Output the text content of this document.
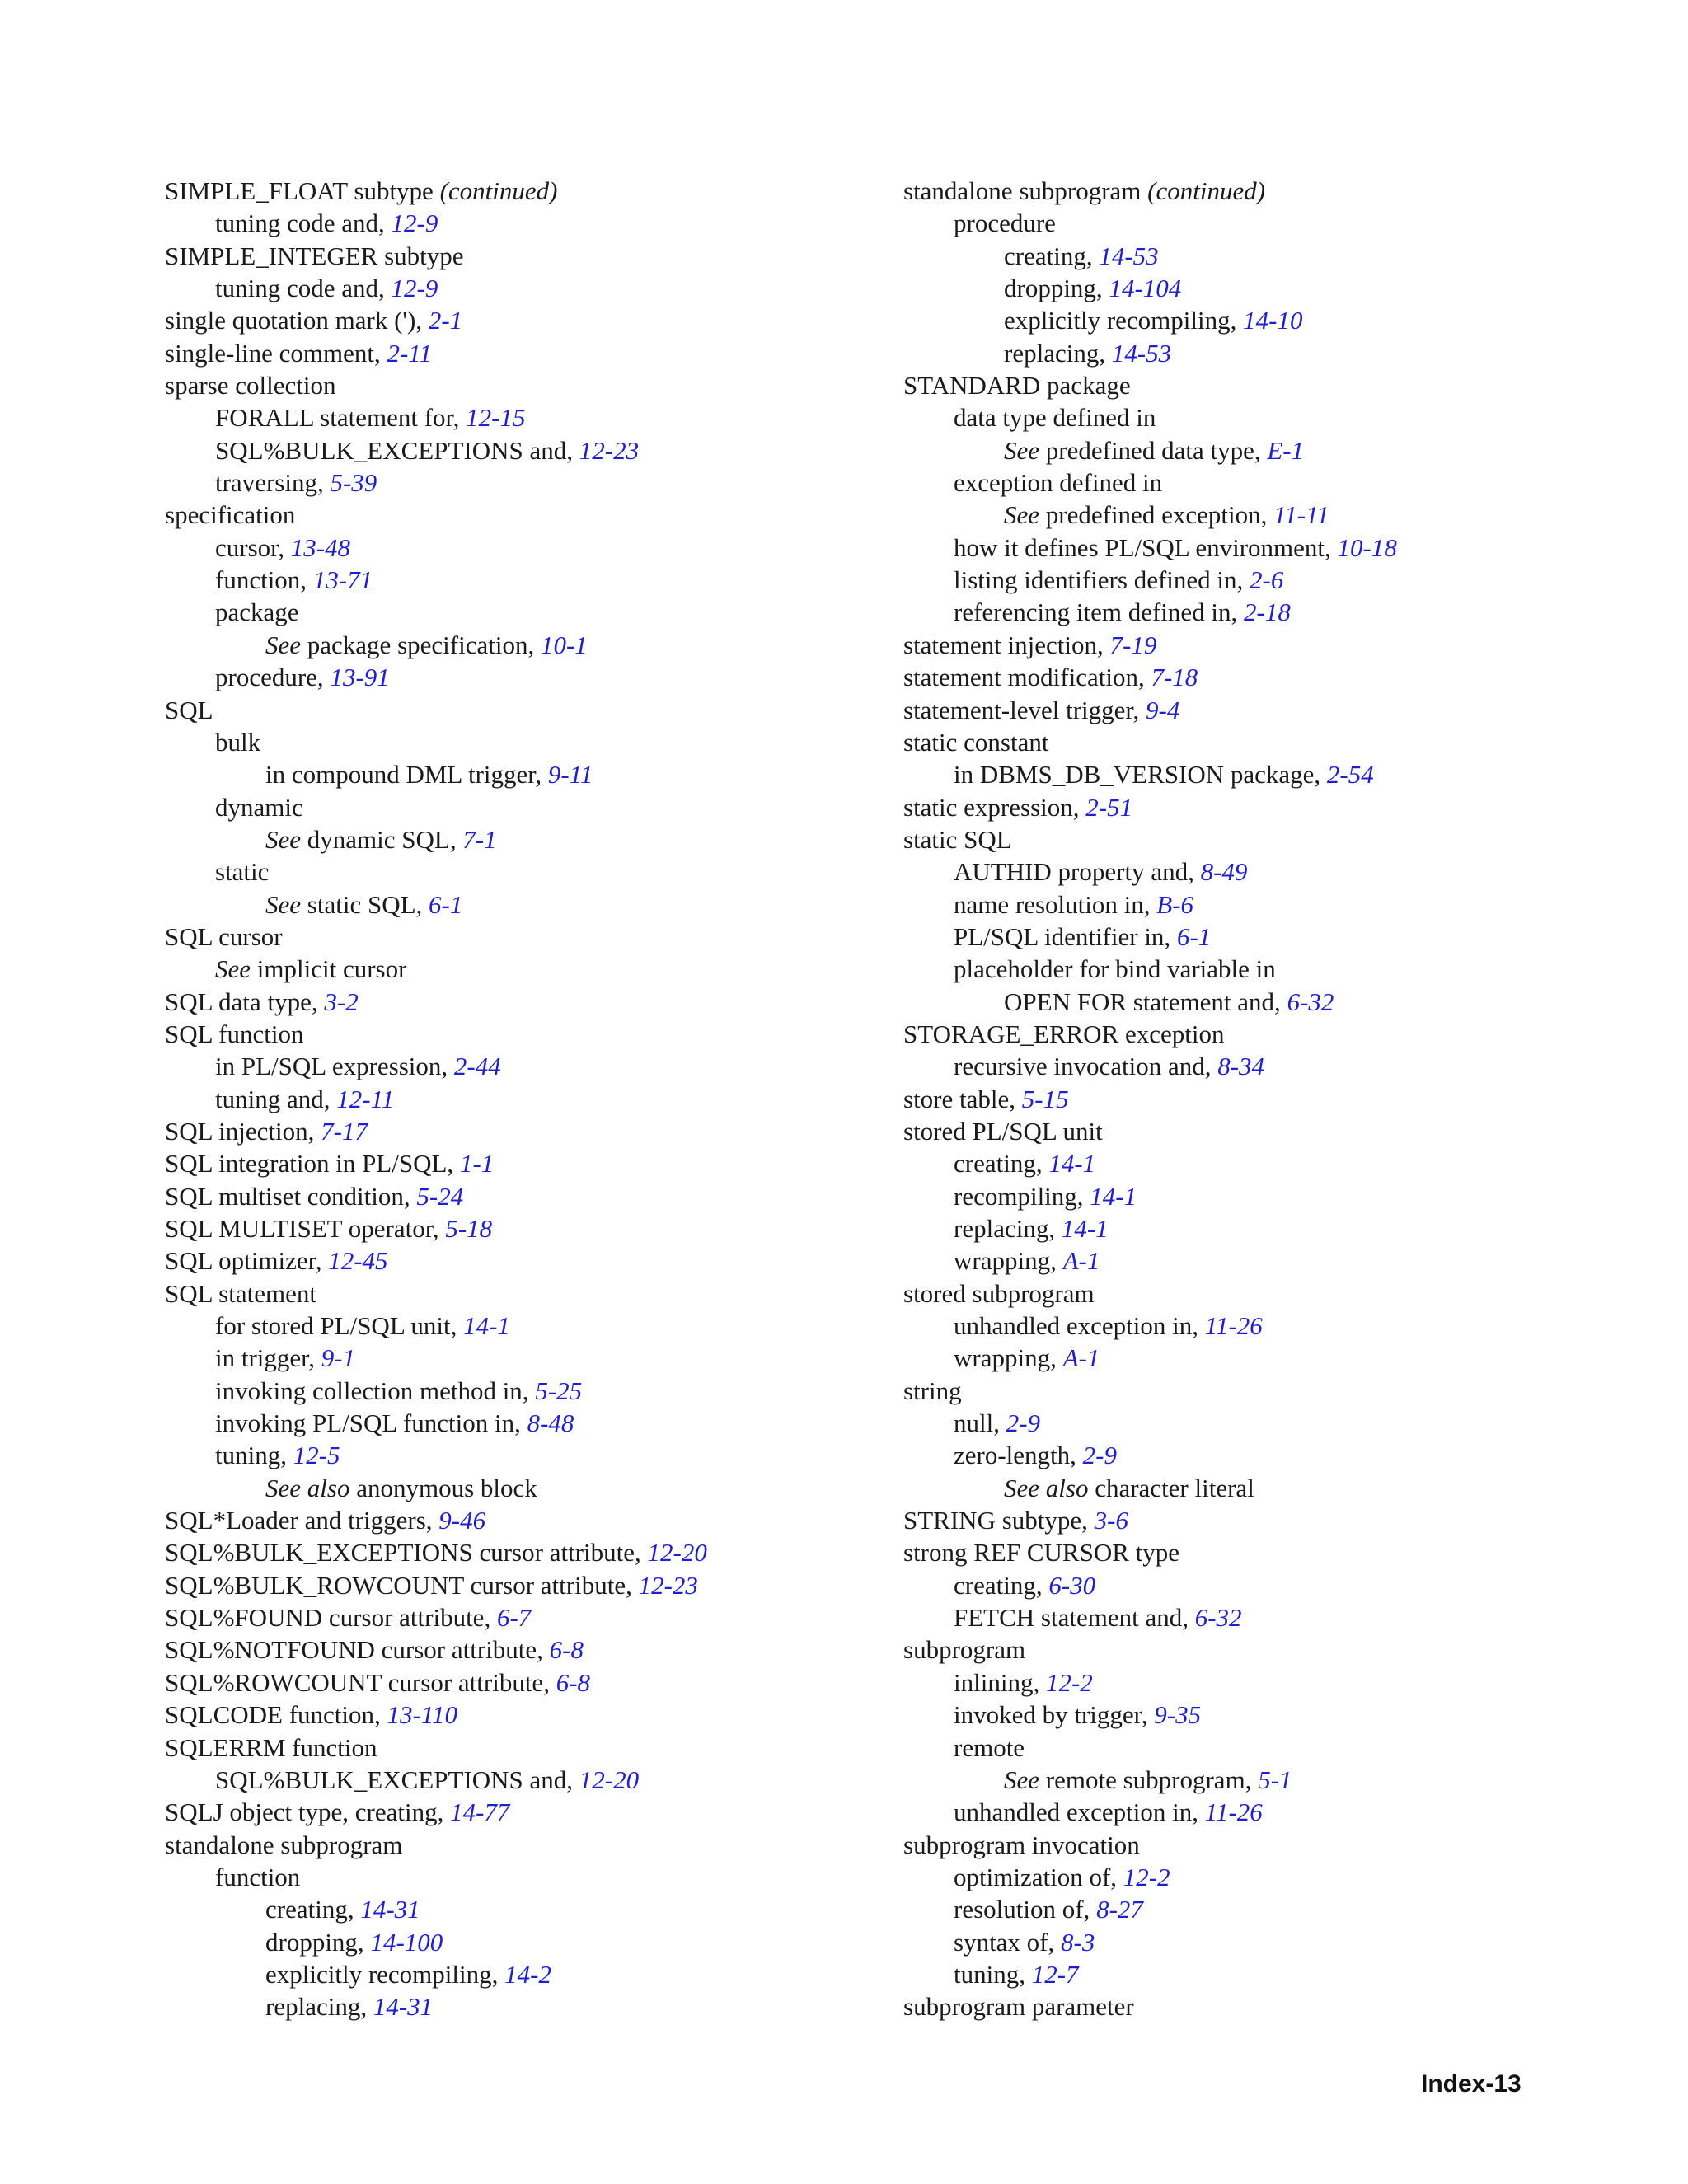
SIMPLE_FLOAT subtype (continued)
tuning code and, 12-9
SIMPLE_INTEGER subtype
tuning code and, 12-9
single quotation mark ('), 2-1
single-line comment, 2-11
sparse collection
FORALL statement for, 12-15
SQL%BULK_EXCEPTIONS and, 12-23
traversing, 5-39
specification
cursor, 13-48
function, 13-71
package
See package specification, 10-1
procedure, 13-91
SQL
bulk
in compound DML trigger, 9-11
dynamic
See dynamic SQL, 7-1
static
See static SQL, 6-1
SQL cursor
See implicit cursor
SQL data type, 3-2
SQL function
in PL/SQL expression, 2-44
tuning and, 12-11
SQL injection, 7-17
SQL integration in PL/SQL, 1-1
SQL multiset condition, 5-24
SQL MULTISET operator, 5-18
SQL optimizer, 12-45
SQL statement
for stored PL/SQL unit, 14-1
in trigger, 9-1
invoking collection method in, 5-25
invoking PL/SQL function in, 8-48
tuning, 12-5
See also anonymous block
SQL*Loader and triggers, 9-46
SQL%BULK_EXCEPTIONS cursor attribute, 12-20
SQL%BULK_ROWCOUNT cursor attribute, 12-23
SQL%FOUND cursor attribute, 6-7
SQL%NOTFOUND cursor attribute, 6-8
SQL%ROWCOUNT cursor attribute, 6-8
SQLCODE function, 13-110
SQLERRM function
SQL%BULK_EXCEPTIONS and, 12-20
SQLJ object type, creating, 14-77
standalone subprogram
function
creating, 14-31
dropping, 14-100
explicitly recompiling, 14-2
replacing, 14-31
standalone subprogram (continued)
procedure
creating, 14-53
dropping, 14-104
explicitly recompiling, 14-10
replacing, 14-53
STANDARD package
data type defined in
See predefined data type, E-1
exception defined in
See predefined exception, 11-11
how it defines PL/SQL environment, 10-18
listing identifiers defined in, 2-6
referencing item defined in, 2-18
statement injection, 7-19
statement modification, 7-18
statement-level trigger, 9-4
static constant
in DBMS_DB_VERSION package, 2-54
static expression, 2-51
static SQL
AUTHID property and, 8-49
name resolution in, B-6
PL/SQL identifier in, 6-1
placeholder for bind variable in
OPEN FOR statement and, 6-32
STORAGE_ERROR exception
recursive invocation and, 8-34
store table, 5-15
stored PL/SQL unit
creating, 14-1
recompiling, 14-1
replacing, 14-1
wrapping, A-1
stored subprogram
unhandled exception in, 11-26
wrapping, A-1
string
null, 2-9
zero-length, 2-9
See also character literal
STRING subtype, 3-6
strong REF CURSOR type
creating, 6-30
FETCH statement and, 6-32
subprogram
inlining, 12-2
invoked by trigger, 9-35
remote
See remote subprogram, 5-1
unhandled exception in, 11-26
subprogram invocation
optimization of, 12-2
resolution of, 8-27
syntax of, 8-3
tuning, 12-7
subprogram parameter
Index-13
